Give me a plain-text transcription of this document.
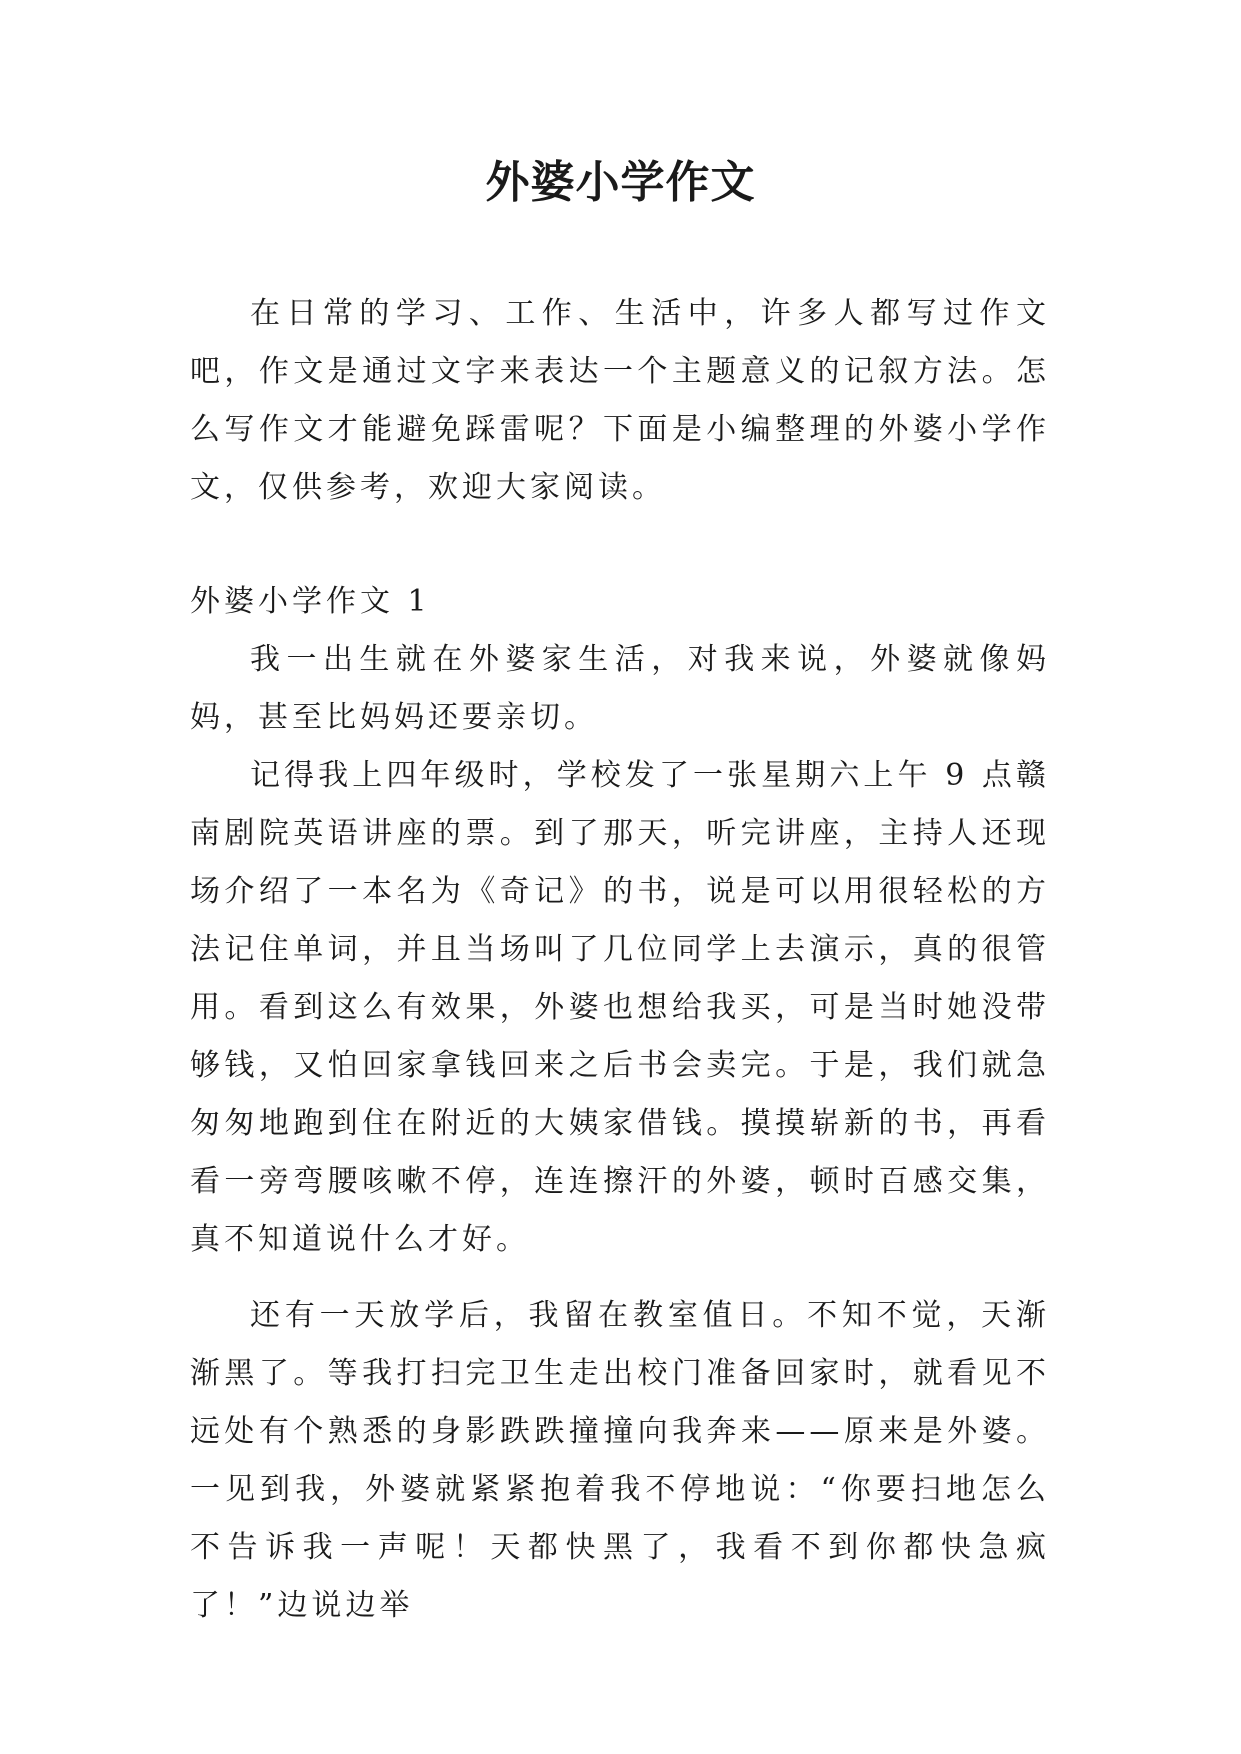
外婆小学作文

在日常的学习、工作、生活中，许多人都写过作文吧，作文是通过文字来表达一个主题意义的记叙方法。怎么写作文才能避免踩雷呢？下面是小编整理的外婆小学作文，仅供参考，欢迎大家阅读。

外婆小学作文 1

我一出生就在外婆家生活，对我来说，外婆就像妈妈，甚至比妈妈还要亲切。

记得我上四年级时，学校发了一张星期六上午 9 点赣南剧院英语讲座的票。到了那天，听完讲座，主持人还现场介绍了一本名为《奇记》的书，说是可以用很轻松的方法记住单词，并且当场叫了几位同学上去演示，真的很管用。看到这么有效果，外婆也想给我买，可是当时她没带够钱，又怕回家拿钱回来之后书会卖完。于是，我们就急匆匆地跑到住在附近的大姨家借钱。摸摸崭新的书，再看看一旁弯腰咳嗽不停，连连擦汗的外婆，顿时百感交集，真不知道说什么才好。

还有一天放学后，我留在教室值日。不知不觉，天渐渐黑了。等我打扫完卫生走出校门准备回家时，就看见不远处有个熟悉的身影跌跌撞撞向我奔来——原来是外婆。一见到我，外婆就紧紧抱着我不停地说：“你要扫地怎么不告诉我一声呢！天都快黑了，我看不到你都快急疯了！”边说边举
